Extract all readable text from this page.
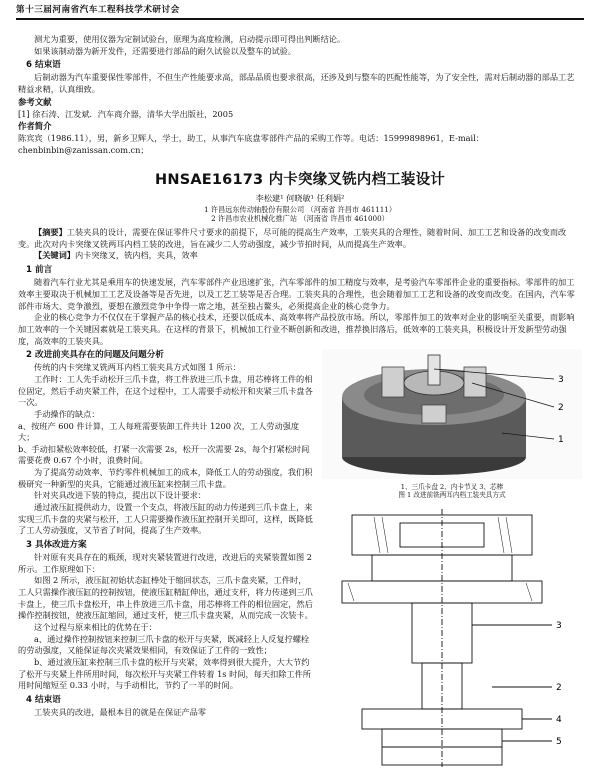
第十三届河南省汽车工程科技学术研讨会

测尤为重要，使用仪器为定制试验台，原理为高度检测，启动提示即可得出判断结论。

如果该制动器为新开发件，还需要进行部品的耐久试验以及整车的试验。

6 结束语

后制动器为汽车重要保性零部件，不但生产性能要求高，部品品质也要求很高，还涉及到与整车的匹配性能等，为了安全性，需对后制动器的部品工艺精益求精，认真细致。

参考文献

[1] 徐石涛、江发斌．汽车商介器，清华大学出版社，2005

作者简介

陈宾宾（1986.11），男，新乡卫辉人，学士，助工，从事汽车底盘零部件产品的采购工作等。电话：15999898961，E-mail：chenbinbin@zanissan.com.cn；

HNSAE16173 内卡突缘叉铣内档工装设计
李松建¹ 何晓敏¹ 任利娟²
1 许昌远东传动轴股份有限公司 （河南省 许昌市 461111）
2 许昌市农业机械化推广站 （河南省 许昌市 461000）

【摘要】工装夹具的设计，需要在保证零件尺寸要求的前提下，尽可能的提高生产效率，工装夹具的合理性，随着时间、加工工艺和设备的改变而改变。此次对内卡突缘叉铣两耳内档工装的改进，旨在减少二人劳动强度，减少节拍时间，从而提高生产效率。

【关键词】内卡突缘叉，铣内档，夹具，效率

1 前言

随着汽车行业尤其是乘用车的快速发展，汽车零部件产业迅速扩张，汽车零部件的加工精度与效率，是考验汽车零部件企业的重要指标。零部件的加工效率主要取决于机械加工工艺及设备等是否先进，以及工艺工装等是否合理。工装夹具的合理性，也会随着加工工艺和设备的改变而改变。在国内，汽车零部件市场大、竞争激烈，要想在激烈竞争中争得一席之地，甚至独占鳌头，必须提高企业的核心竞争力。

企业的核心竞争力不仅仅在于掌握产品的核心技术，还要以低成本、高效率将产品投放市场。所以，零部件加工的效率对企业的影响至关重要，而影响加工效率的一个关键因素就是工装夹具。在这样的背景下，机械加工行业不断创新和改进，推荐换旧落后，低效率的工装夹具，积极设计开发新型劳动强度，高效率的工装夹具。

2 改进前夹具存在的问题及问题分析

传统的内卡突缘叉铣两耳内档工装夹具方式如图 1 所示：

工作时：工人先手动松开三爪卡盘，将工件放进三爪卡盘，用芯棒将工件的相位固定，然后手动夹紧工件，在这个过程中，工人需要手动松开和夹紧三爪卡盘各一次。

手动操作的缺点：

a、按班产 600 件计算，工人每班需要装卸工件共计 1200 次，工人劳动强度大；

b、手动扣紧松效率较低，打紧一次需要 2s，松开一次需要 2s，每个打紧松时间需要花费 0.67 个小时，浪费时间。

为了提高劳动效率、节约零件机械加工的成本，降低工人的劳动强度，我们积极研究一种新型的夹具，它能通过液压缸来控制三爪卡盘。

针对夹具改进下装的特点，提出以下设计要求：

通过液压缸提供动力，设置一个支点，将液压缸的动力传递到三爪卡盘上，来实现三爪卡盘的夹紧与松开，工人只需要操作液压缸控制开关即可，这样，既降低了工人劳动强度，又节省了时间，提高了生产效率。

3 具体改进方案

针对原有夹具存在的瓶颈，现对夹紧装置进行改进，改进后的夹紧装置如图 2 所示。工作原理如下：

如图 2 所示，液压缸初始状态缸棒处于缩回状态，三爪卡盘夹紧，工件时，工人只需操作液压缸的控制按钮，使液压缸精缸伸出，通过支杆，将力传递到三爪卡盘上，使三爪卡盘松开，串上件放进三爪卡盘，用芯棒将工件的相位固定，然后操作控制按钮，使液压缸缩回，通过支杆，使三爪卡盘夹紧，从而完成一次装卡。

这个过程与原来相比的优势在于：

a、通过操作控制按钮来控制三爪卡盘的松开与夹紧，既减轻上人反复拧螺栓的劳动强度，又能保证每次夹紧效果相同，有效保证了工件的一致性；

b、通过液压缸来控制三爪卡盘的松开与夹紧，效率得到很大提升，大大节约了松开与夹紧上件所用时间，每次松开与夹紧工件转着 1s 时间，每天扣除工件所用时间缩短至 0.33 小时，与手动相比，节约了一半的时间。

4 结束语

工装夹具的改进，最根本目的就是在保证产品零

3
2
1
1、三爪卡盘 2、内卡节叉 3、芯棒
图 1 改进前铣两耳内档工装夹具方式
3
2
4
5
